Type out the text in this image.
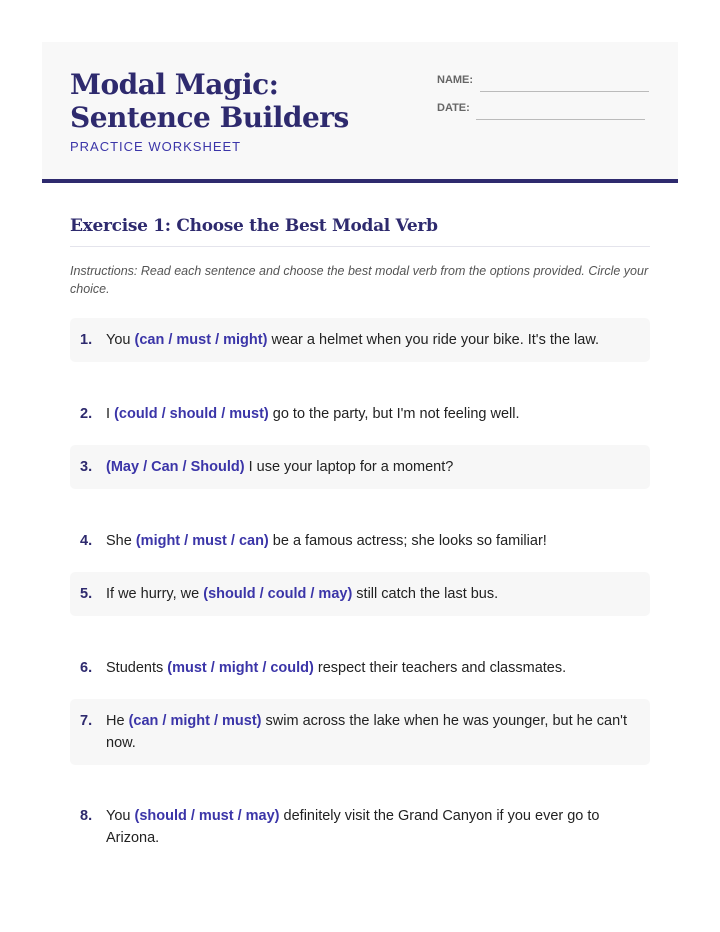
Modal Magic: Sentence Builders
PRACTICE WORKSHEET
NAME:
DATE:
Exercise 1: Choose the Best Modal Verb
Instructions: Read each sentence and choose the best modal verb from the options provided. Circle your choice.
1. You (can / must / might) wear a helmet when you ride your bike. It's the law.
2. I (could / should / must) go to the party, but I'm not feeling well.
3. (May / Can / Should) I use your laptop for a moment?
4. She (might / must / can) be a famous actress; she looks so familiar!
5. If we hurry, we (should / could / may) still catch the last bus.
6. Students (must / might / could) respect their teachers and classmates.
7. He (can / might / must) swim across the lake when he was younger, but he can't now.
8. You (should / must / may) definitely visit the Grand Canyon if you ever go to Arizona.
